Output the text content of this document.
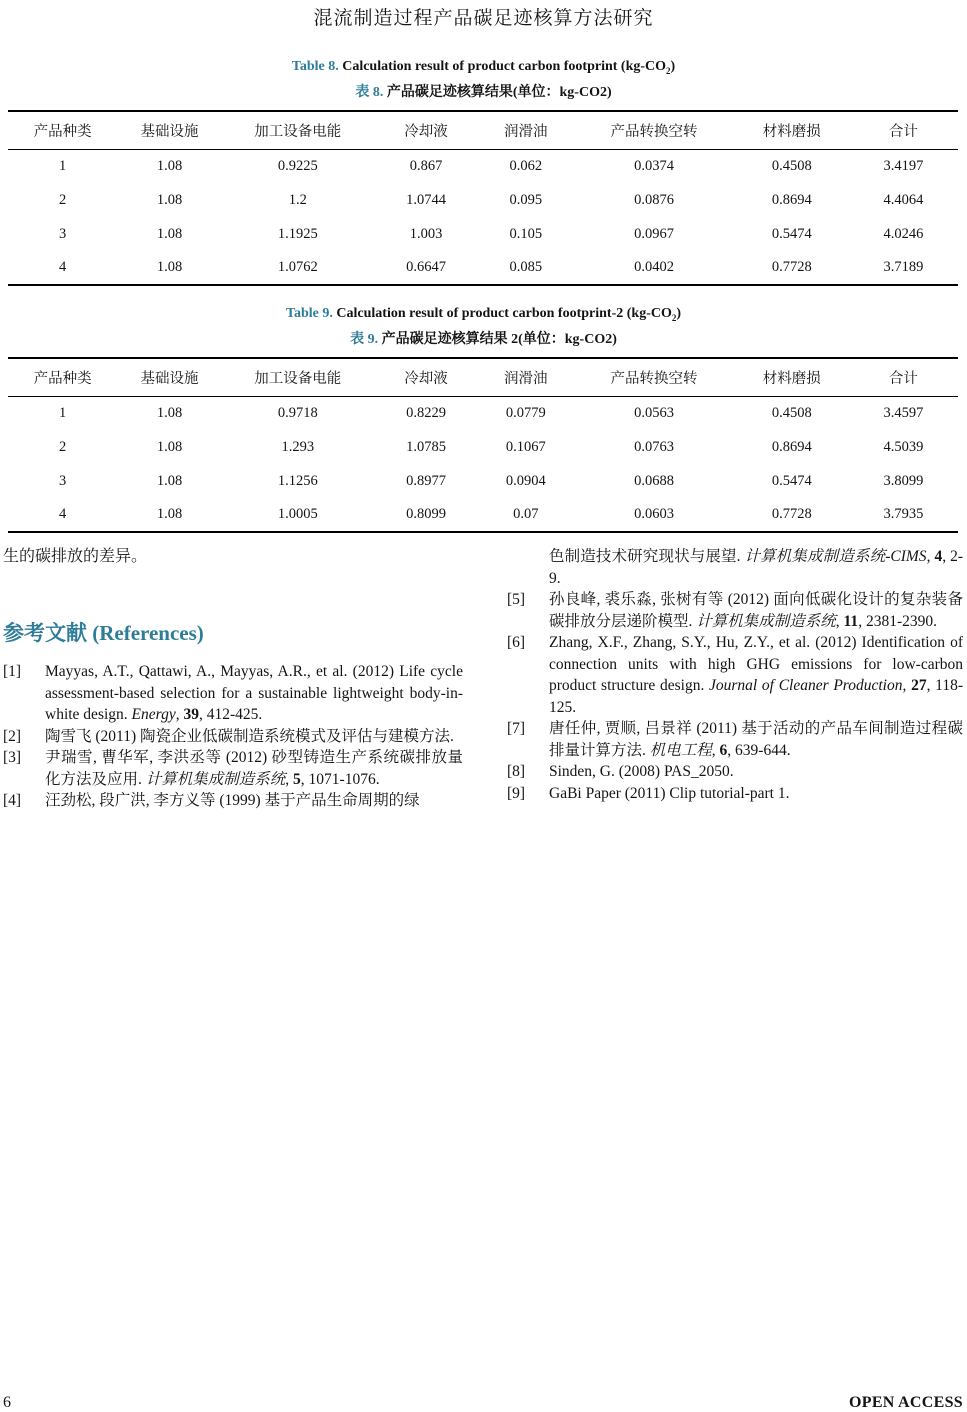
混流制造过程产品碳足迹核算方法研究
Table 8. Calculation result of product carbon footprint $(kg-CO_2)$
表 8. 产品碳足迹核算结果(单位：kg-CO2)
产品种类	基础设施	加工设备电能	冷却液	润滑油	产品转换空转	材料磨损	合计
1	1.08	0.9225	0.867	0.062	0.0374	0.4508	3.4197
2	1.08	1.2	1.0744	0.095	0.0876	0.8694	4.4064
3	1.08	1.1925	1.003	0.105	0.0967	0.5474	4.0246
4	1.08	1.0762	0.6647	0.085	0.0402	0.7728	3.7189
Table 9. Calculation result of product carbon footprint-2 $(kg-CO_2)$
表 9. 产品碳足迹核算结果 2(单位：kg-CO2)
产品种类	基础设施	加工设备电能	冷却液	润滑油	产品转换空转	材料磨损	合计
1	1.08	0.9718	0.8229	0.0779	0.0563	0.4508	3.4597
2	1.08	1.293	1.0785	0.1067	0.0763	0.8694	4.5039
3	1.08	1.1256	0.8977	0.0904	0.0688	0.5474	3.8099
4	1.08	1.0005	0.8099	0.07	0.0603	0.7728	3.7935
生的碳排放的差异。
参考文献 (References)
[1]	Mayyas, A.T., Qattawi, A., Mayyas, A.R., et al. (2012) Life cycle assessment-based selection for a sustainable lightweight body-in-white design. Energy, 39, 412-425.
[2]	陶雪飞 (2011) 陶瓷企业低碳制造系统模式及评估与建模方法.
[3]	尹瑞雪, 曹华军, 李洪丞等 (2012) 砂型铸造生产系统碳排放量化方法及应用. 计算机集成制造系统, 5, 1071-1076.
[4]	汪劲松, 段广洪, 李方义等 (1999) 基于产品生命周期的绿
色制造技术研究现状与展望. 计算机集成制造系统-CIMS, 4, 2-9.
[5]	孙良峰, 裘乐淼, 张树有等 (2012) 面向低碳化设计的复杂装备碳排放分层递阶模型. 计算机集成制造系统, 11, 2381-2390.
[6]	Zhang, X.F., Zhang, S.Y., Hu, Z.Y., et al. (2012) Identification of connection units with high GHG emissions for low-carbon product structure design. Journal of Cleaner Production, 27, 118-125.
[7]	唐任仲, 贾顺, 吕景祥 (2011) 基于活动的产品车间制造过程碳排量计算方法. 机电工程, 6, 639-644.
[8]	Sinden, G. (2008) PAS_2050.
[9]	GaBi Paper (2011) Clip tutorial-part 1.
6	OPEN ACCESS
